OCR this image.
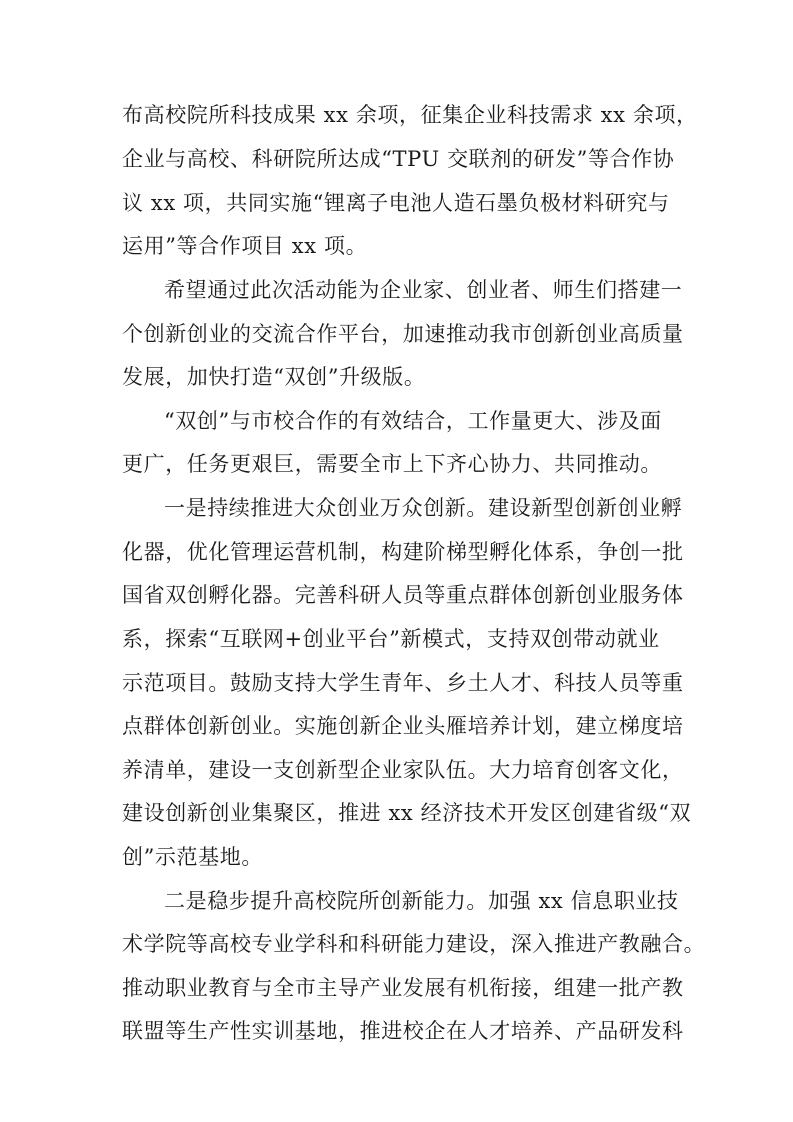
布高校院所科技成果 xx 余项，征集企业科技需求 xx 余项，
企业与高校、科研院所达成“TPU 交联剂的研发”等合作协
议 xx 项，共同实施“锂离子电池人造石墨负极材料研究与
运用”等合作项目 xx 项。
希望通过此次活动能为企业家、创业者、师生们搭建一
个创新创业的交流合作平台，加速推动我市创新创业高质量
发展，加快打造“双创”升级版。
“双创”与市校合作的有效结合，工作量更大、涉及面
更广，任务更艰巨，需要全市上下齐心协力、共同推动。
一是持续推进大众创业万众创新。建设新型创新创业孵
化器，优化管理运营机制，构建阶梯型孵化体系，争创一批
国省双创孵化器。完善科研人员等重点群体创新创业服务体
系，探索“互联网+创业平台”新模式，支持双创带动就业
示范项目。鼓励支持大学生青年、乡土人才、科技人员等重
点群体创新创业。实施创新企业头雁培养计划，建立梯度培
养清单，建设一支创新型企业家队伍。大力培育创客文化，
建设创新创业集聚区，推进 xx 经济技术开发区创建省级“双
创”示范基地。
二是稳步提升高校院所创新能力。加强 xx 信息职业技
术学院等高校专业学科和科研能力建设，深入推进产教融合。
推动职业教育与全市主导产业发展有机衔接，组建一批产教
联盟等生产性实训基地，推进校企在人才培养、产品研发科
